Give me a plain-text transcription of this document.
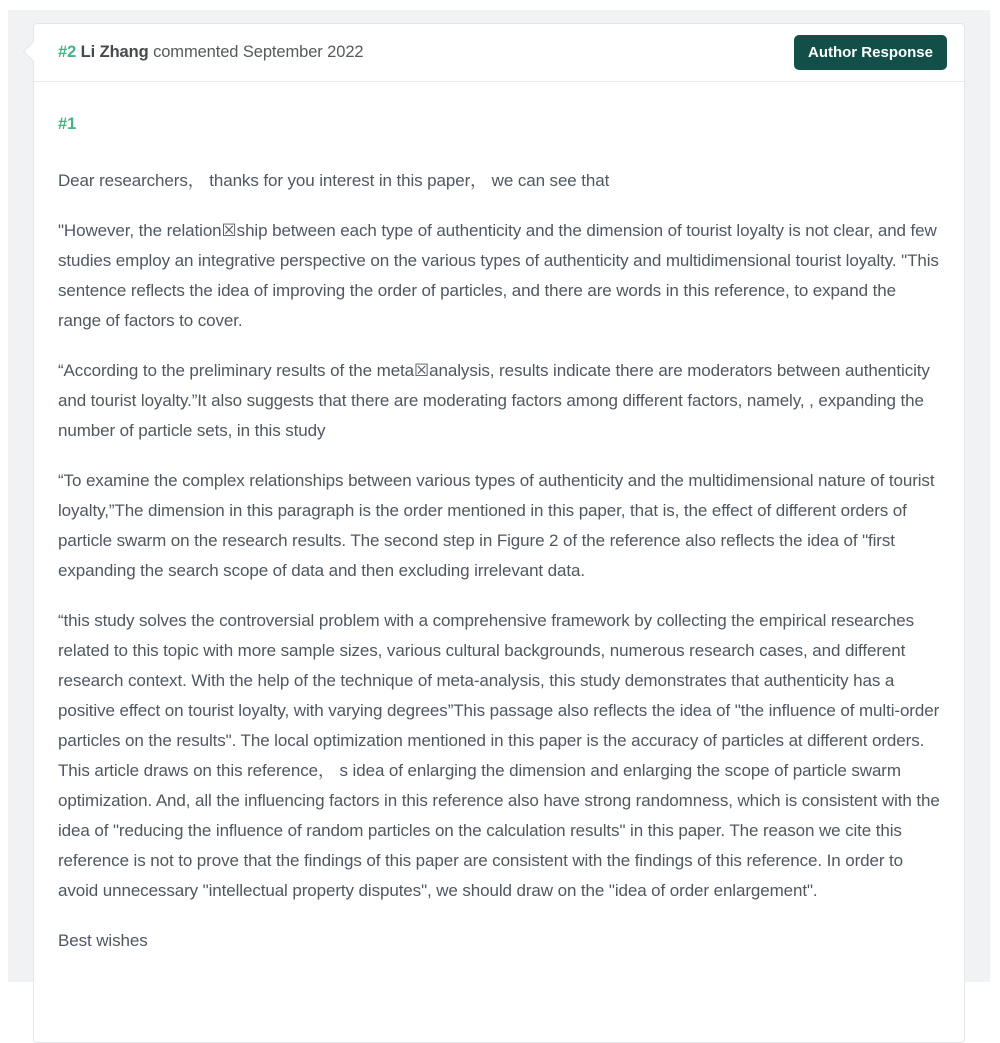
#2 Li Zhang commented September 2022	Author Response
#1

Dear researchers， thanks for you interest in this paper， we can see that

"However, the relation☒ship between each type of authenticity and the dimension of tourist loyalty is not clear, and few studies employ an integrative perspective on the various types of authenticity and multidimensional tourist loyalty. "This sentence reflects the idea of improving the order of particles, and there are words in this reference, to expand the range of factors to cover.

“According to the preliminary results of the meta☒analysis, results indicate there are moderators between authenticity and tourist loyalty.”It also suggests that there are moderating factors among different factors, namely, , expanding the number of particle sets, in this study

“To examine the complex relationships between various types of authenticity and the multidimensional nature of tourist loyalty,”The dimension in this paragraph is the order mentioned in this paper, that is, the effect of different orders of particle swarm on the research results. The second step in Figure 2 of the reference also reflects the idea of "first expanding the search scope of data and then excluding irrelevant data.

“this study solves the controversial problem with a comprehensive framework by collecting the empirical researches related to this topic with more sample sizes, various cultural backgrounds, numerous research cases, and different research context. With the help of the technique of meta-analysis, this study demonstrates that authenticity has a positive effect on tourist loyalty, with varying degrees”This passage also reflects the idea of "the influence of multi-order particles on the results". The local optimization mentioned in this paper is the accuracy of particles at different orders. This article draws on this reference， s idea of enlarging the dimension and enlarging the scope of particle swarm optimization. And, all the influencing factors in this reference also have strong randomness, which is consistent with the idea of "reducing the influence of random particles on the calculation results" in this paper. The reason we cite this reference is not to prove that the findings of this paper are consistent with the findings of this reference. In order to avoid unnecessary "intellectual property disputes", we should draw on the "idea of order enlargement".

Best wishes
